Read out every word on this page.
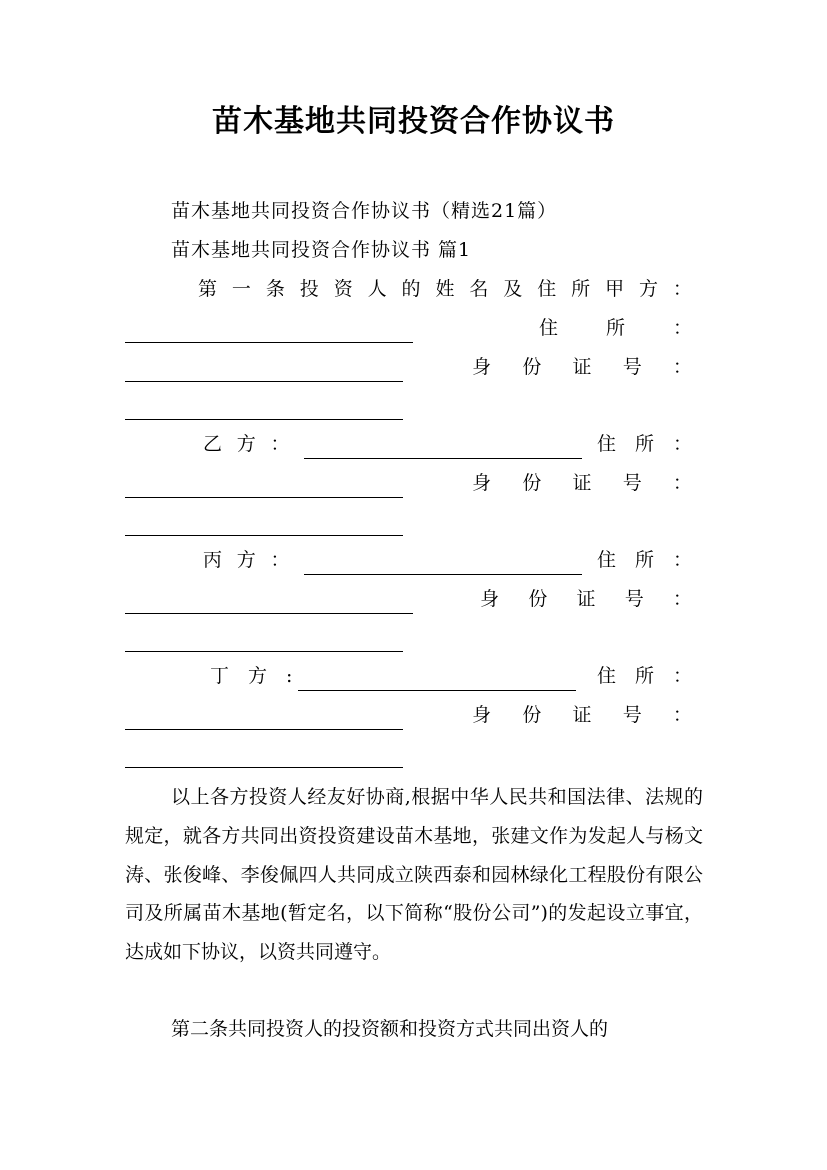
苗木基地共同投资合作协议书
苗木基地共同投资合作协议书（精选21篇）
苗木基地共同投资合作协议书 篇1
第 一 条 投 资 人 的 姓 名 及 住 所 甲 方 ：
住	所	：
身 份 证 号 ：
乙 方 ：	住　所　：
身 份 证 号 ：
丙 方 ：	住　所　：
身 份 证 号 ：
丁　方　:	住　所　：
身 份 证 号 ：
以上各方投资人经友好协商,根据中华人民共和国法律、法规的规定，就各方共同出资投资建设苗木基地，张建文作为发起人与杨文涛、张俊峰、李俊佩四人共同成立陕西泰和园林绿化工程股份有限公司及所属苗木基地(暂定名，以下简称“股份公司”)的发起设立事宜，达成如下协议，以资共同遵守。
第二条共同投资人的投资额和投资方式共同出资人的
